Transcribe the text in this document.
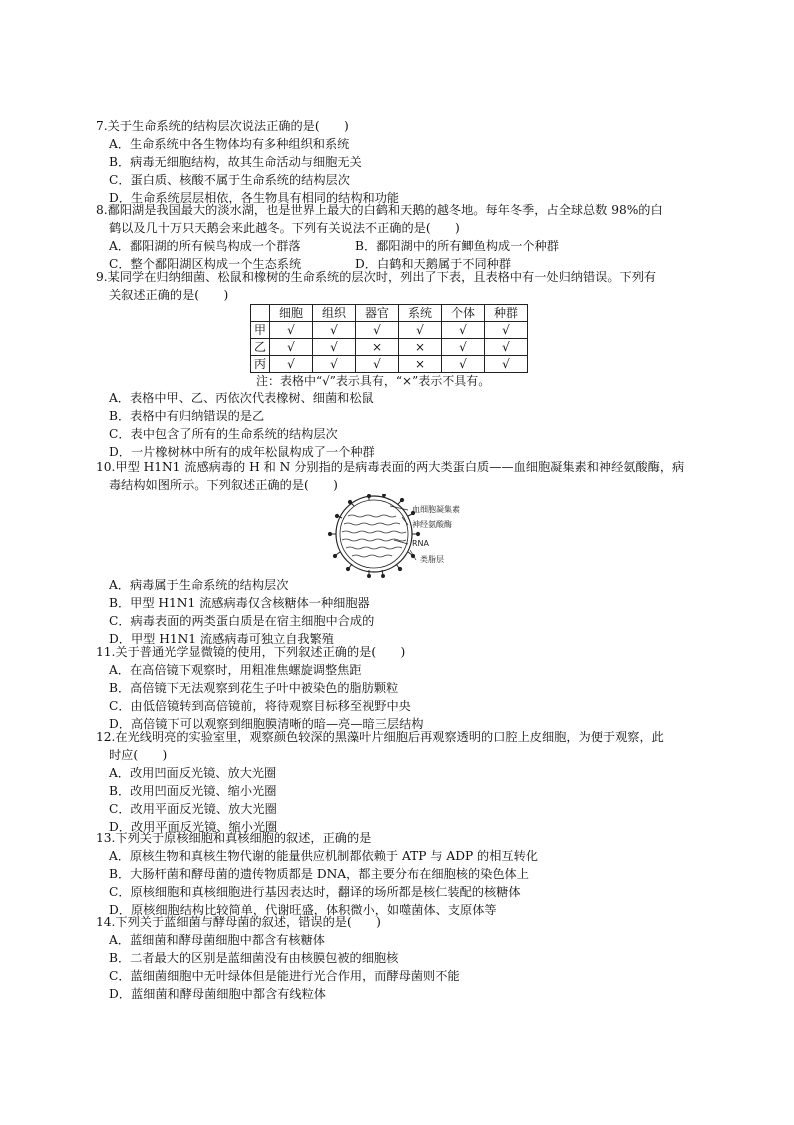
7.关于生命系统的结构层次说法正确的是(　　)
A．生命系统中各生物体均有多种组织和系统
B．病毒无细胞结构，故其生命活动与细胞无关
C．蛋白质、核酸不属于生命系统的结构层次
D．生命系统层层相依，各生物具有相同的结构和功能
8.鄱阳湖是我国最大的淡水湖，也是世界上最大的白鹤和天鹅的越冬地。每年冬季，占全球总数 98%的白
鹤以及几十万只天鹅会来此越冬。下列有关说法不正确的是(　　)
A．鄱阳湖的所有候鸟构成一个群落	B．鄱阳湖中的所有鲫鱼构成一个种群
C．整个鄱阳湖区构成一个生态系统	D．白鹤和天鹅属于不同种群
9.某同学在归纳细菌、松鼠和橡树的生命系统的层次时，列出了下表，且表格中有一处归纳错误。下列有
关叙述正确的是(　　)
	细胞	组织	器官	系统	个体	种群
甲	√	√	√	√	√	√
乙	√	√	×	×	√	√
丙	√	√	√	×	√	√
注：表格中“√”表示具有，“×”表示不具有。
A．表格中甲、乙、丙依次代表橡树、细菌和松鼠
B．表格中有归纳错误的是乙
C．表中包含了所有的生命系统的结构层次
D．一片橡树林中所有的成年松鼠构成了一个种群
10.甲型 H1N1 流感病毒的 H 和 N 分别指的是病毒表面的两大类蛋白质——血细胞凝集素和神经氨酸酶，病
毒结构如图所示。下列叙述正确的是(　　)
血细胞凝集素
神经氨酸酶
RNA
类脂层
A．病毒属于生命系统的结构层次
B．甲型 H1N1 流感病毒仅含核糖体一种细胞器
C．病毒表面的两类蛋白质是在宿主细胞中合成的
D．甲型 H1N1 流感病毒可独立自我繁殖
11.关于普通光学显微镜的使用，下列叙述正确的是(　　)
A．在高倍镜下观察时，用粗准焦螺旋调整焦距
B．高倍镜下无法观察到花生子叶中被染色的脂肪颗粒
C．由低倍镜转到高倍镜前，将待观察目标移至视野中央
D．高倍镜下可以观察到细胞膜清晰的暗—亮—暗三层结构
12.在光线明亮的实验室里，观察颜色较深的黑藻叶片细胞后再观察透明的口腔上皮细胞，为便于观察，此
时应(　　)
A．改用凹面反光镜、放大光圈
B．改用凹面反光镜、缩小光圈
C．改用平面反光镜、放大光圈
D．改用平面反光镜、缩小光圈
13.下列关于原核细胞和真核细胞的叙述，正确的是
A．原核生物和真核生物代谢的能量供应机制都依赖于 ATP 与 ADP 的相互转化
B．大肠杆菌和酵母菌的遗传物质都是 DNA，都主要分布在细胞核的染色体上
C．原核细胞和真核细胞进行基因表达时，翻译的场所都是核仁装配的核糖体
D．原核细胞结构比较简单，代谢旺盛，体积微小，如噬菌体、支原体等
14.下列关于蓝细菌与酵母菌的叙述，错误的是(　　)
A．蓝细菌和酵母菌细胞中都含有核糖体
B．二者最大的区别是蓝细菌没有由核膜包被的细胞核
C．蓝细菌细胞中无叶绿体但是能进行光合作用，而酵母菌则不能
D．蓝细菌和酵母菌细胞中都含有线粒体
